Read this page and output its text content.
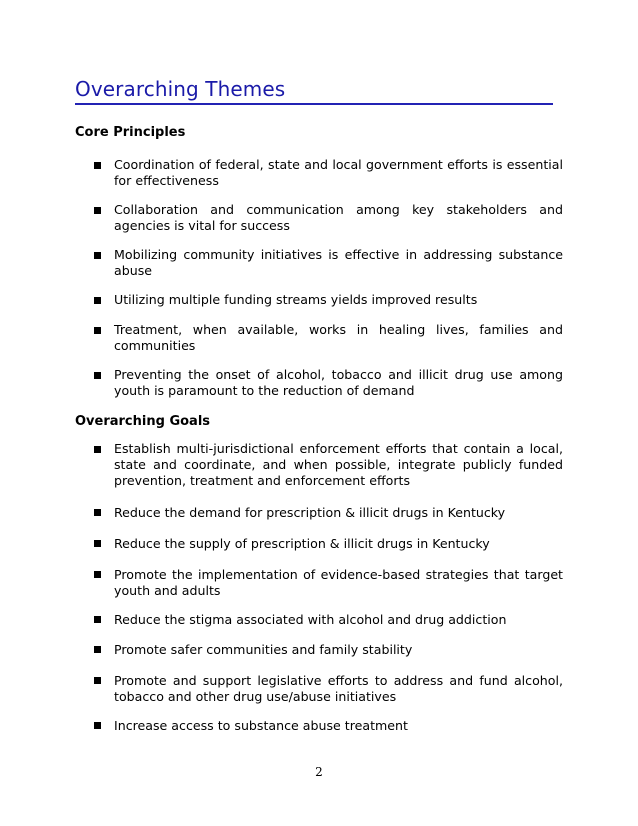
Overarching Themes
Core Principles
Coordination of federal, state and local government efforts is essential for effectiveness
Collaboration and communication among key stakeholders and agencies is vital for success
Mobilizing community initiatives is effective in addressing substance abuse
Utilizing multiple funding streams yields improved results
Treatment, when available, works in healing lives, families and communities
Preventing the onset of alcohol, tobacco and illicit drug use among youth is paramount to the reduction of demand
Overarching Goals
Establish multi-jurisdictional enforcement efforts that contain a local, state and coordinate, and when possible, integrate publicly funded prevention, treatment and enforcement efforts
Reduce the demand for prescription & illicit drugs in Kentucky
Reduce the supply of prescription & illicit drugs in Kentucky
Promote the implementation of evidence-based strategies that target youth and adults
Reduce the stigma associated with alcohol and drug addiction
Promote safer communities and family stability
Promote and support legislative efforts to address and fund alcohol, tobacco and other drug use/abuse initiatives
Increase access to substance abuse treatment
2
